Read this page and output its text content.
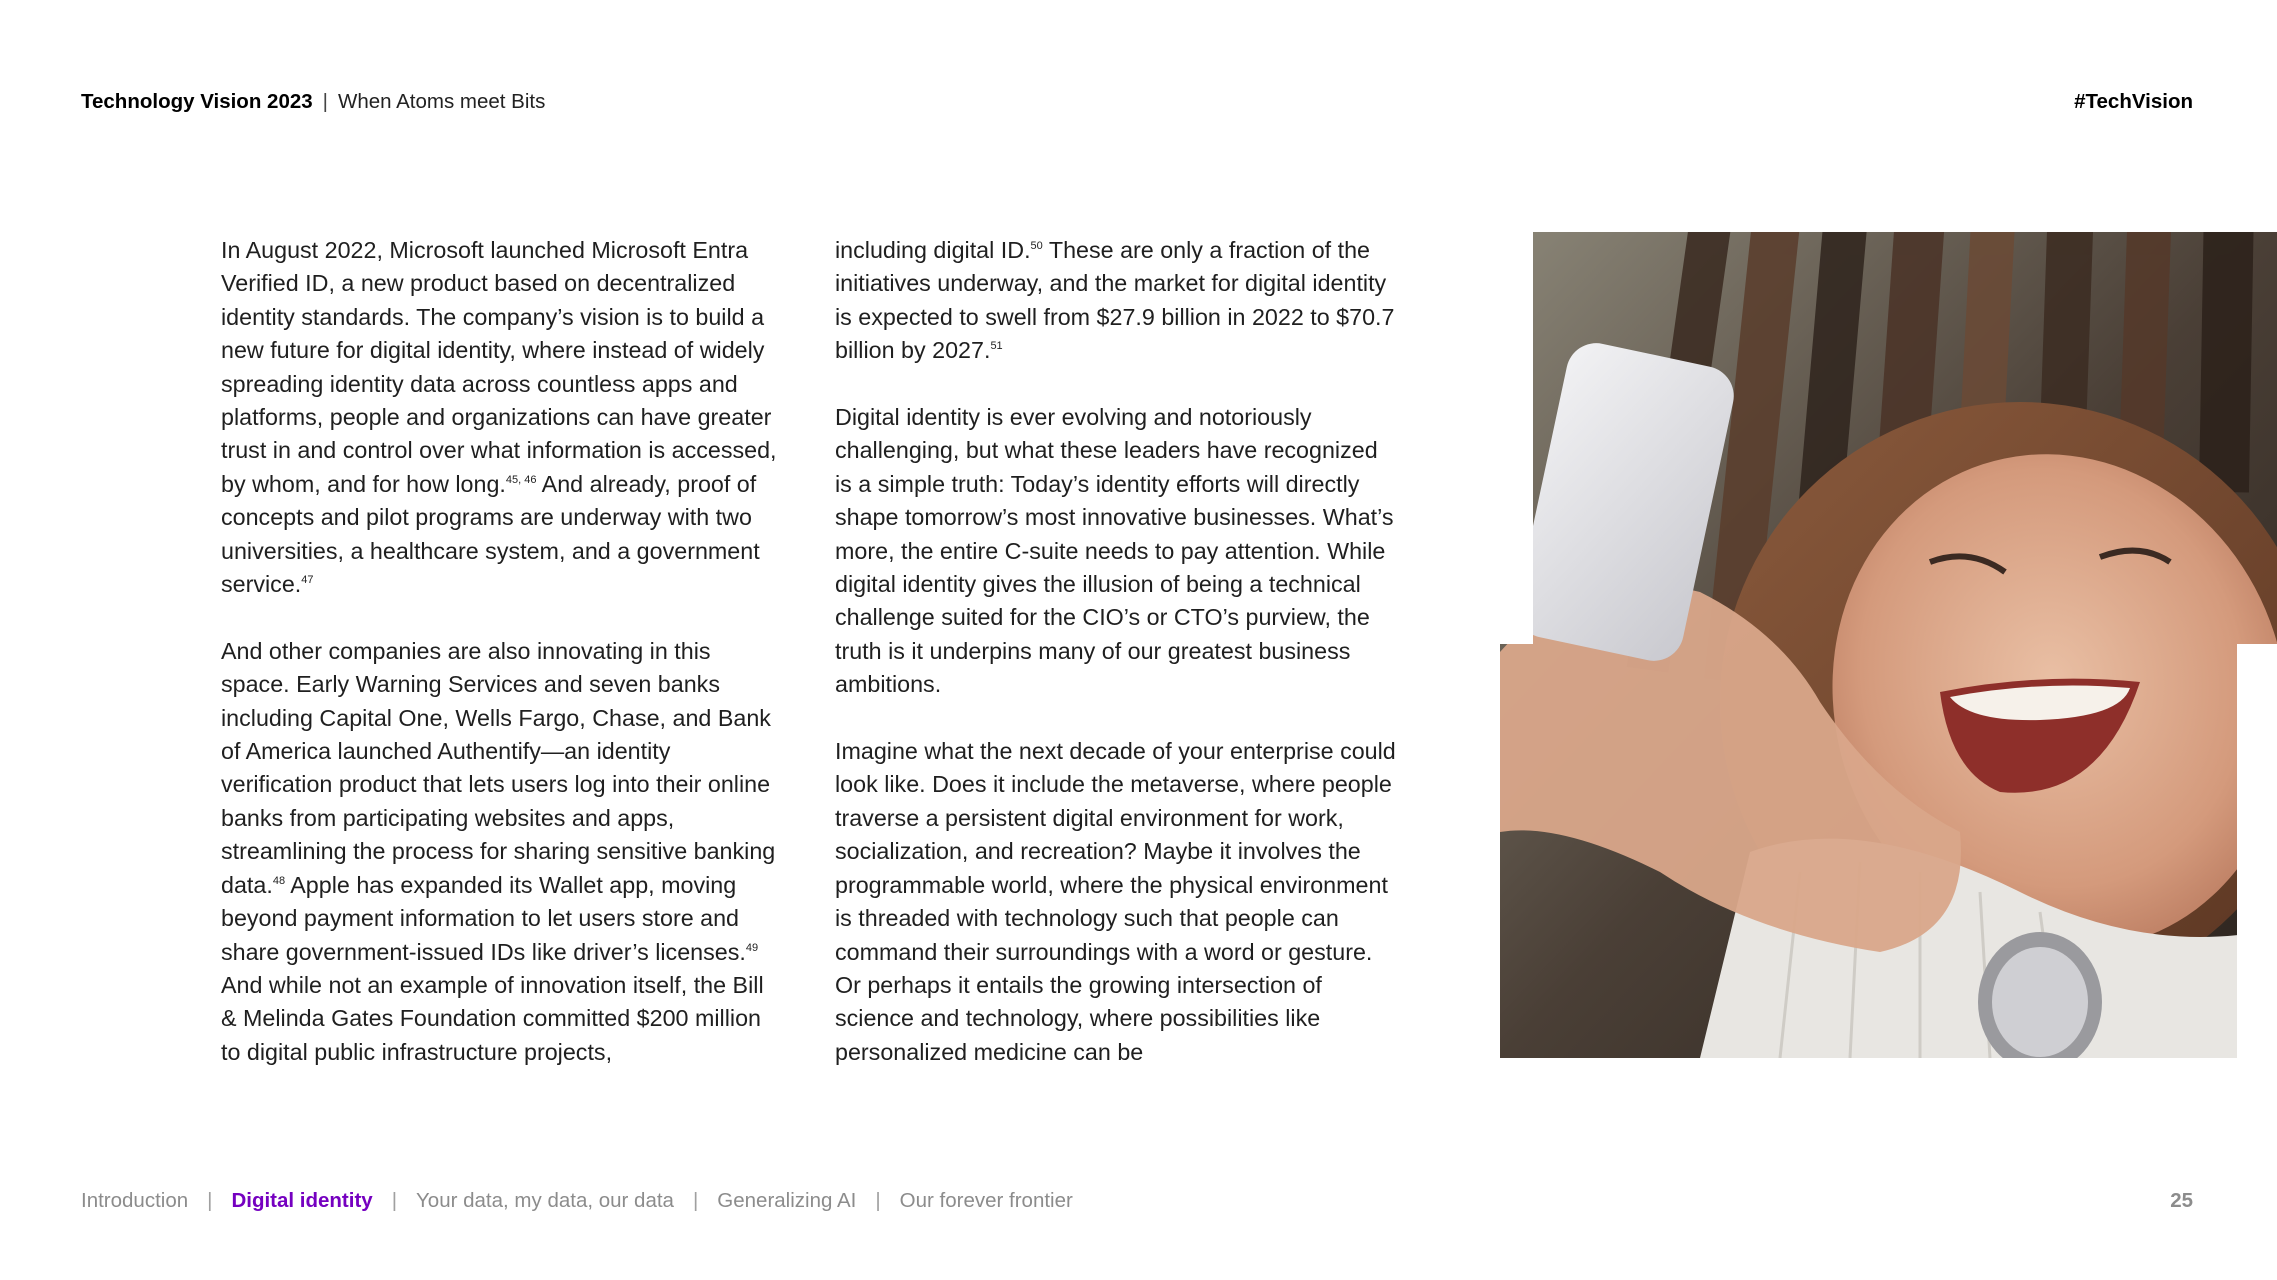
Technology Vision 2023 | When Atoms meet Bits	#TechVision

In August 2022, Microsoft launched Microsoft Entra Verified ID, a new product based on decentralized identity standards. The company’s vision is to build a new future for digital identity, where instead of widely spreading identity data across countless apps and platforms, people and organizations can have greater trust in and control over what information is accessed, by whom, and for how long.$^{45, 46}$ And already, proof of concepts and pilot programs are underway with two universities, a healthcare system, and a government service.$^{47}$

And other companies are also innovating in this space. Early Warning Services and seven banks including Capital One, Wells Fargo, Chase, and Bank of America launched Authentify—an identity verification product that lets users log into their online banks from participating websites and apps, streamlining the process for sharing sensitive banking data.$^{48}$ Apple has expanded its Wallet app, moving beyond payment information to let users store and share government-issued IDs like driver’s licenses.$^{49}$ And while not an example of innovation itself, the Bill & Melinda Gates Foundation committed $200 million to digital public infrastructure projects,

including digital ID.$^{50}$ These are only a fraction of the initiatives underway, and the market for digital identity is expected to swell from $27.9 billion in 2022 to $70.7 billion by 2027.51

Digital identity is ever evolving and notoriously challenging, but what these leaders have recognized is a simple truth: Today’s identity efforts will directly shape tomorrow’s most innovative businesses. What’s more, the entire C-suite needs to pay attention. While digital identity gives the illusion of being a technical challenge suited for the CIO’s or CTO’s purview, the truth is it underpins many of our greatest business ambitions.

Imagine what the next decade of your enterprise could look like. Does it include the metaverse, where people traverse a persistent digital environment for work, socialization, and recreation? Maybe it involves the programmable world, where the physical environment is threaded with technology such that people can command their surroundings with a word or gesture. Or perhaps it entails the growing intersection of science and technology, where possibilities like personalized medicine can be

Introduction | Digital identity | Your data, my data, our data | Generalizing AI | Our forever frontier	25
